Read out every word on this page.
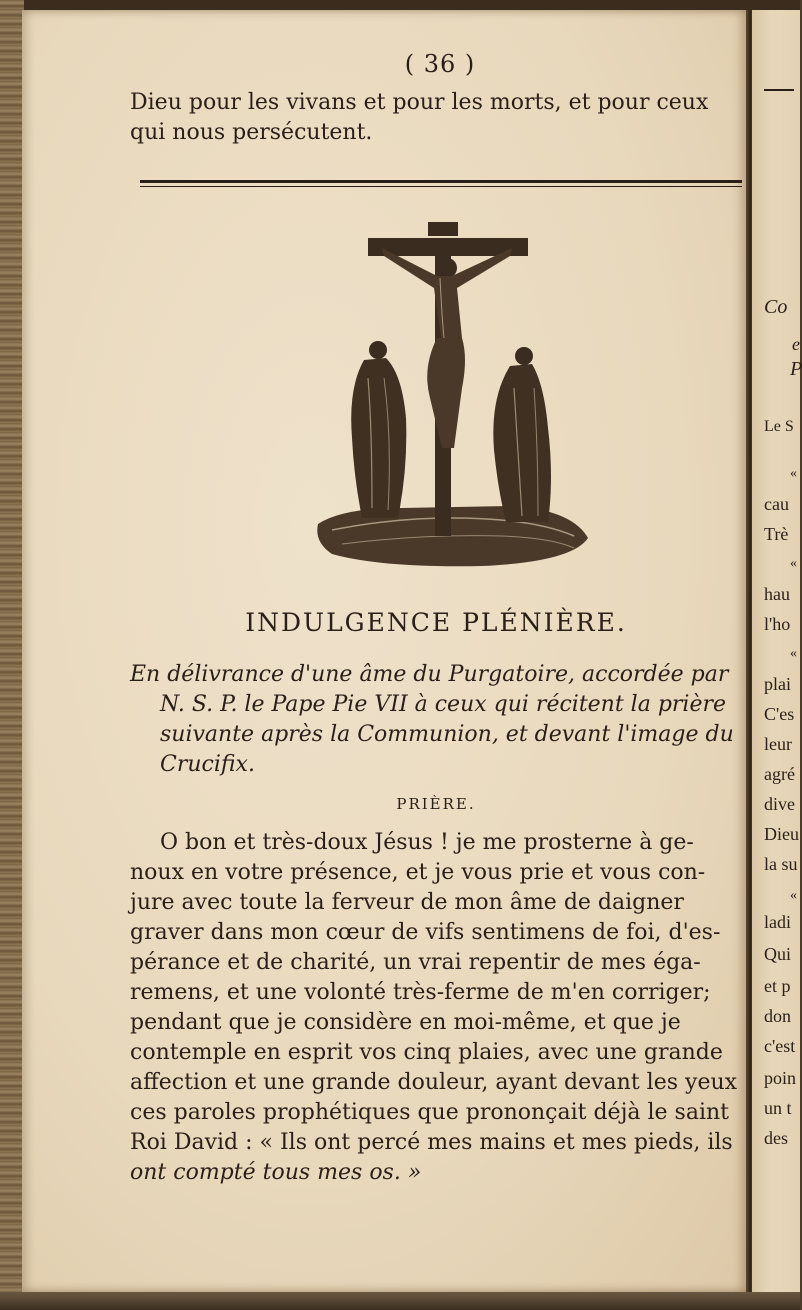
Co
e
P
Le S
«
cau
Trè
«
hau
l'ho
«
plai
C'es
leur
agré
dive
Dieu
la su
«
ladi
Qui
et p
don
c'est
poin
un t
des
( 36 )
Dieu pour les vivans et pour les morts, et pour ceux
qui nous persécutent.
INDULGENCE PLÉNIÈRE.
En délivrance d'une âme du Purgatoire, accordée par
N. S. P. le Pape Pie VII à ceux qui récitent la prière
suivante après la Communion, et devant l'image du
Crucifix.
PRIÈRE.
O bon et très-doux Jésus ! je me prosterne à ge-
noux en votre présence, et je vous prie et vous con-
jure avec toute la ferveur de mon âme de daigner
graver dans mon cœur de vifs sentimens de foi, d'es-
pérance et de charité, un vrai repentir de mes éga-
remens, et une volonté très-ferme de m'en corriger;
pendant que je considère en moi-même, et que je
contemple en esprit vos cinq plaies, avec une grande
affection et une grande douleur, ayant devant les yeux
ces paroles prophétiques que prononçait déjà le saint
Roi David : « Ils ont percé mes mains et mes pieds, ils
ont compté tous mes os. »
